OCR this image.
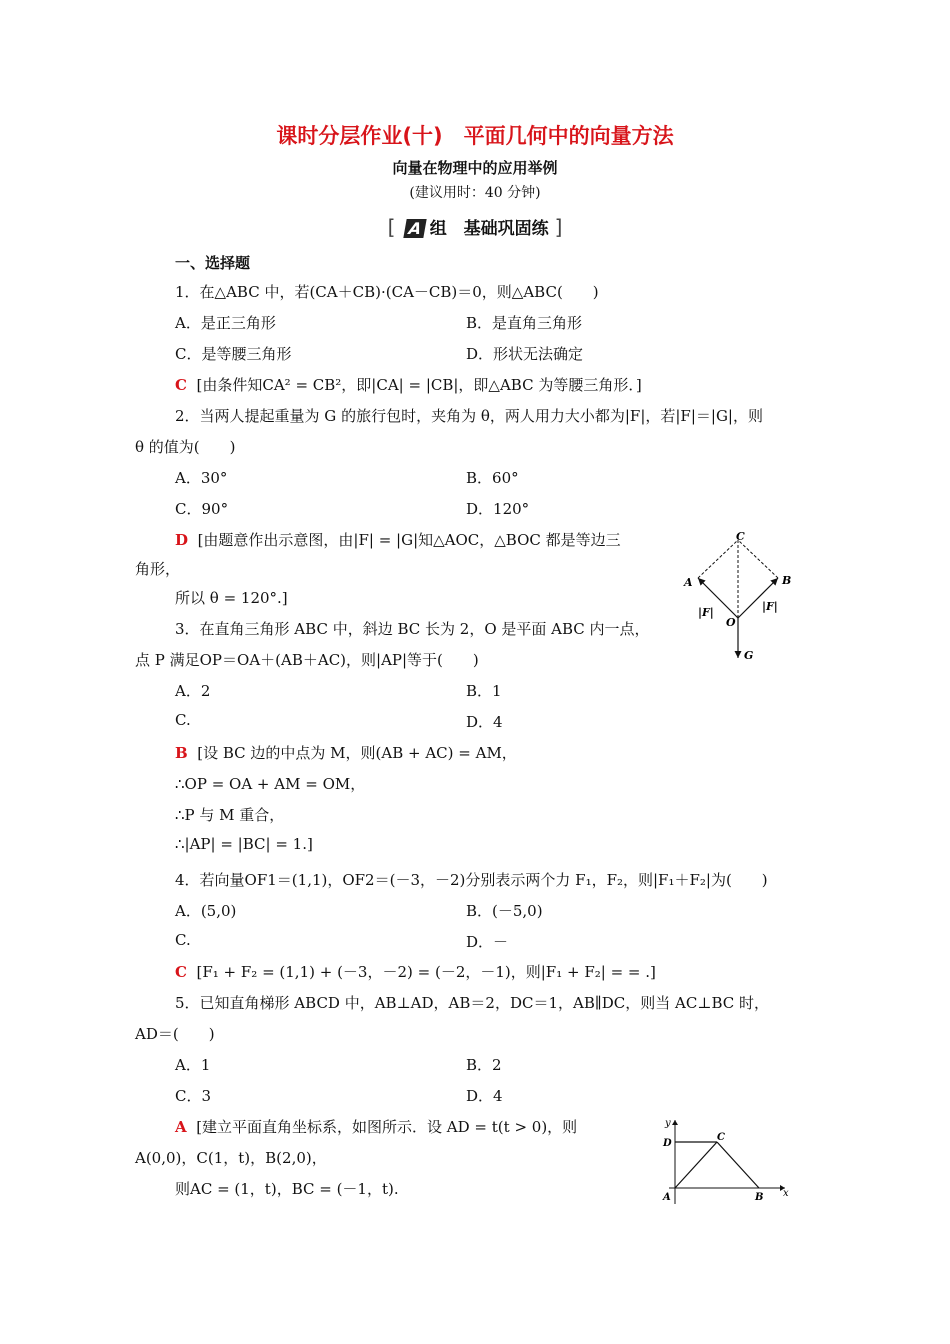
课时分层作业(十)　平面几何中的向量方法
向量在物理中的应用举例
(建议用时：40 分钟)
[ A 组　基础巩固练 ]
一、选择题
1．在△ABC 中，若(CA＋CB)·(CA－CB)＝0，则△ABC(　　)
A．是正三角形	B．是直角三角形
C．是等腰三角形	D．形状无法确定
C [由条件知CA² = CB²，即|CA| = |CB|，即△ABC 为等腰三角形．]
2．当两人提起重量为 G 的旅行包时，夹角为 θ，两人用力大小都为|F|，若|F|＝|G|，则
θ 的值为(　　)
A．30°	B．60°
C．90°	D．120°
D [由题意作出示意图，由|F| = |G|知△AOC，△BOC 都是等边三
角形，
所以 θ = 120°.]
C
A	B
O
G
|F|	|F|
3．在直角三角形 ABC 中，斜边 BC 长为 2，O 是平面 ABC 内一点，
点 P 满足OP＝OA＋(AB＋AC)，则|AP|等于(　　)
A．2	B．1
C.	D．4
B [设 BC 边的中点为 M，则(AB + AC) = AM，
∴OP = OA + AM = OM，
∴P 与 M 重合，
∴|AP| = |BC| = 1.]
4．若向量OF1＝(1,1)，OF2＝(－3，－2)分别表示两个力 F₁，F₂，则|F₁＋F₂|为(　　)
A．(5,0)	B．(－5,0)
C.	D．－
C [F₁ + F₂ = (1,1) + (－3，－2) = (－2，－1)，则|F₁ + F₂| = = .]
5．已知直角梯形 ABCD 中，AB⊥AD，AB＝2，DC＝1，AB∥DC，则当 AC⊥BC 时，
AD＝(　　)
A．1	B．2
C．3	D．4
A [建立平面直角坐标系，如图所示．设 AD = t(t > 0)，则
A(0,0)，C(1，t)，B(2,0)，
则AC = (1，t)，BC = (－1，t).
y
x
D
C
A	B
